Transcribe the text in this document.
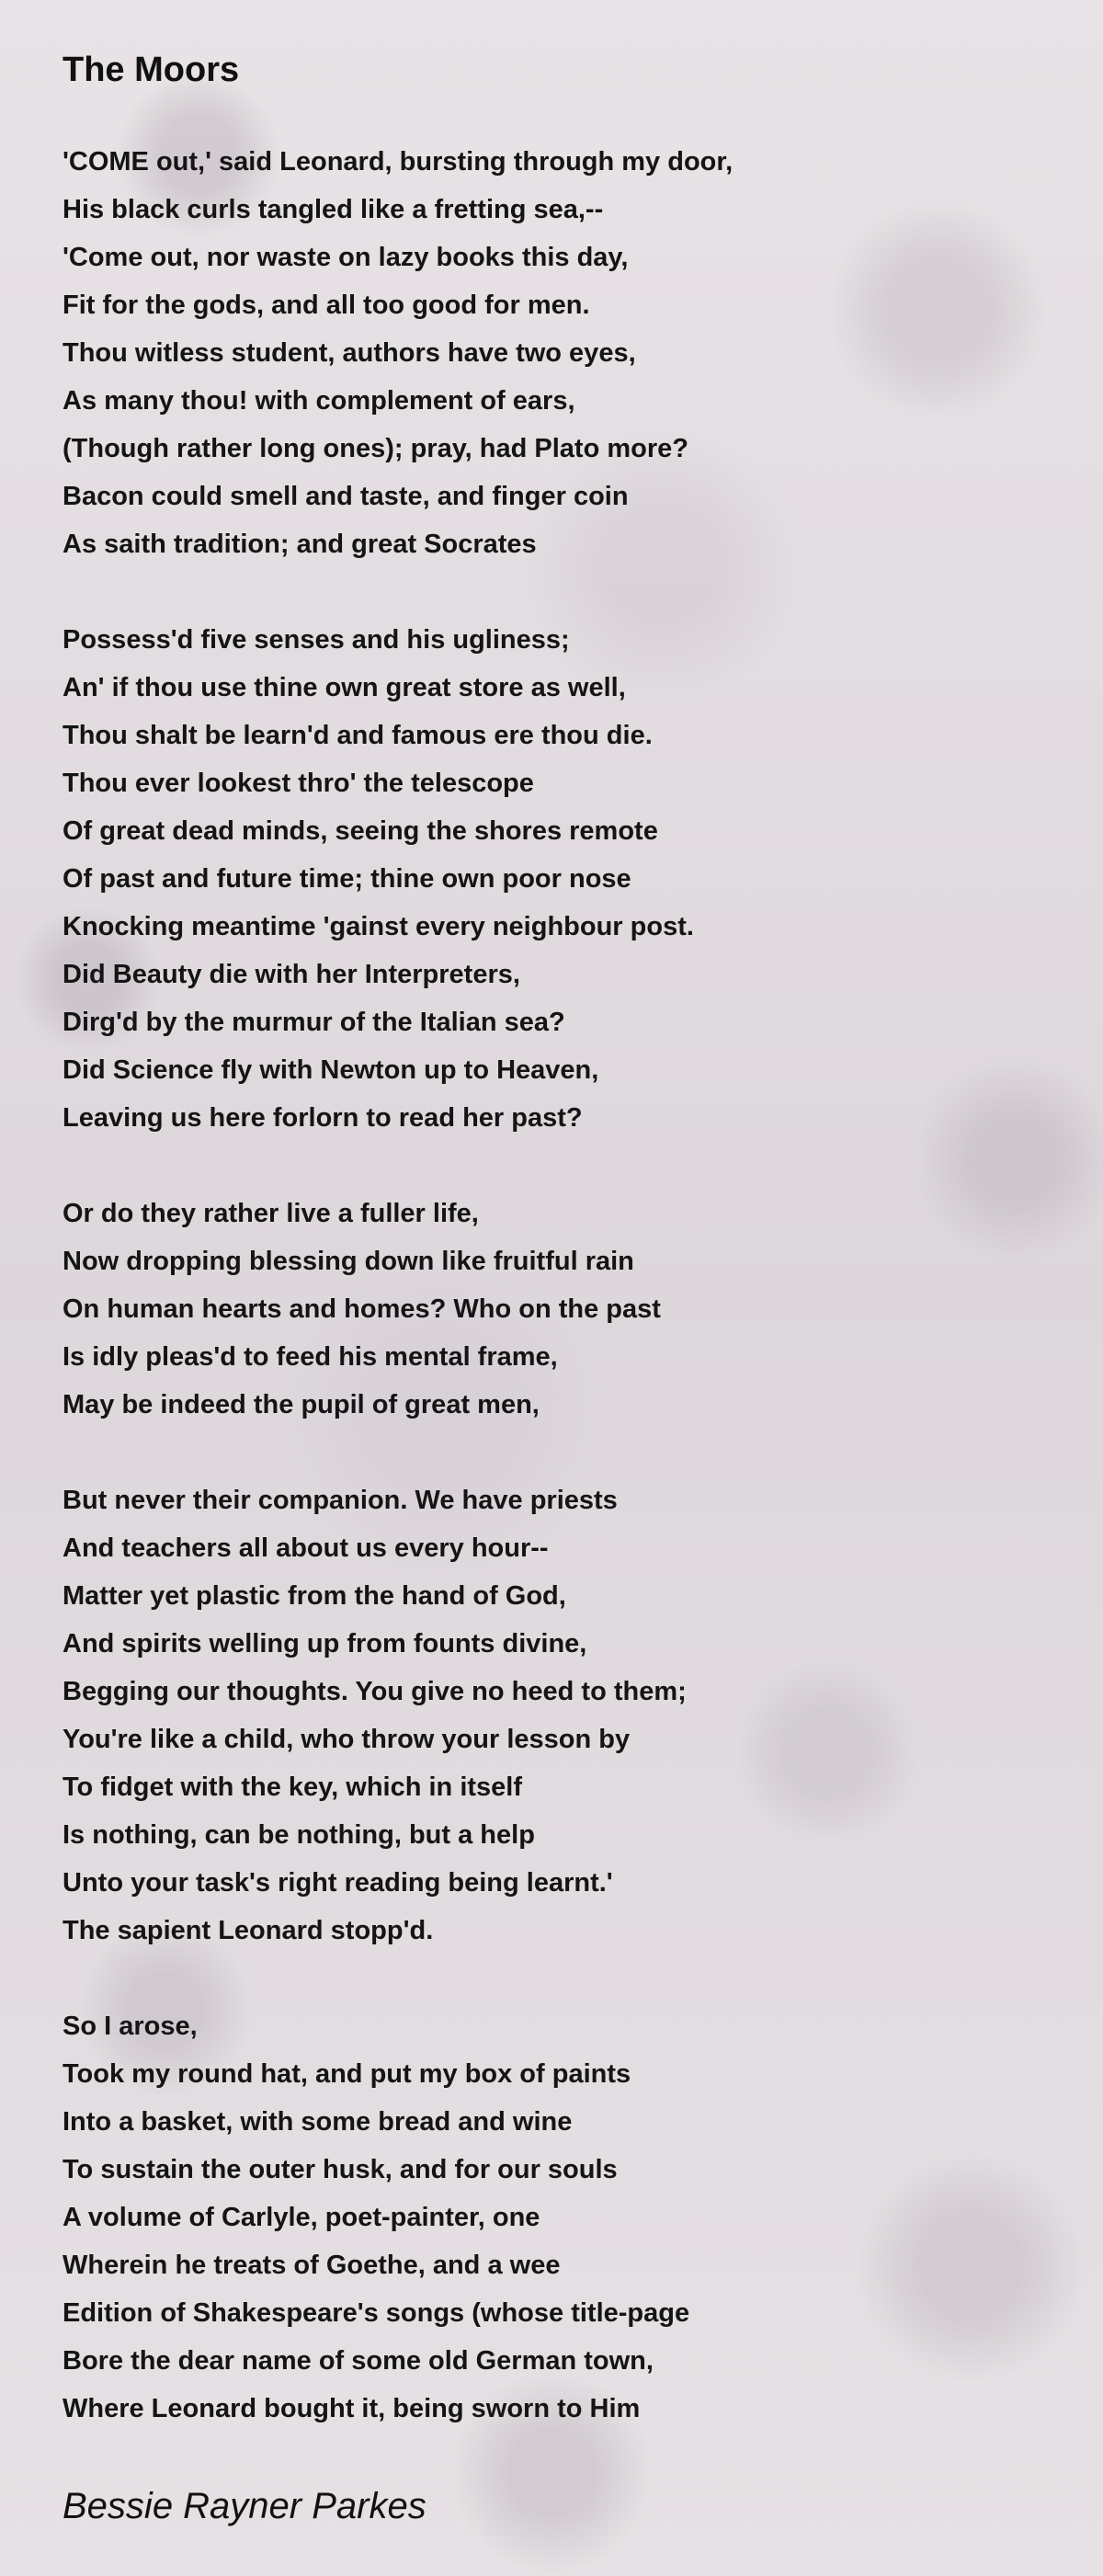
The Moors
'COME out,' said Leonard, bursting through my door,
His black curls tangled like a fretting sea,--
'Come out, nor waste on lazy books this day,
Fit for the gods, and all too good for men.
Thou witless student, authors have two eyes,
As many thou! with complement of ears,
(Though rather long ones); pray, had Plato more?
Bacon could smell and taste, and finger coin
As saith tradition; and great Socrates
Possess'd five senses and his ugliness;
An' if thou use thine own great store as well,
Thou shalt be learn'd and famous ere thou die.
Thou ever lookest thro' the telescope
Of great dead minds, seeing the shores remote
Of past and future time; thine own poor nose
Knocking meantime 'gainst every neighbour post.
Did Beauty die with her Interpreters,
Dirg'd by the murmur of the Italian sea?
Did Science fly with Newton up to Heaven,
Leaving us here forlorn to read her past?
Or do they rather live a fuller life,
Now dropping blessing down like fruitful rain
On human hearts and homes? Who on the past
Is idly pleas'd to feed his mental frame,
May be indeed the pupil of great men,
But never their companion. We have priests
And teachers all about us every hour--
Matter yet plastic from the hand of God,
And spirits welling up from founts divine,
Begging our thoughts. You give no heed to them;
You're like a child, who throw your lesson by
To fidget with the key, which in itself
Is nothing, can be nothing, but a help
Unto your task's right reading being learnt.'
The sapient Leonard stopp'd.
So I arose,
Took my round hat, and put my box of paints
Into a basket, with some bread and wine
To sustain the outer husk, and for our souls
A volume of Carlyle, poet-painter, one
Wherein he treats of Goethe, and a wee
Edition of Shakespeare's songs (whose title-page
Bore the dear name of some old German town,
Where Leonard bought it, being sworn to Him

Bessie Rayner Parkes
